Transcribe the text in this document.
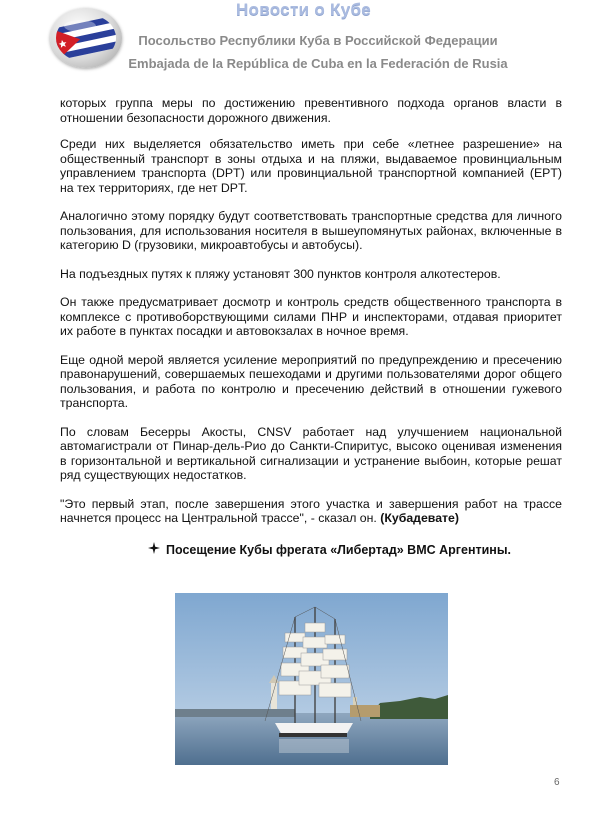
Новости о Кубе
Посольство Республики Куба в Российской Федерации
Embajada de la República de Cuba en la Federación de Rusia

которых группа меры по достижению превентивного подхода органов власти в отношении безопасности дорожного движения.

Среди них выделяется обязательство иметь при себе «летнее разрешение» на общественный транспорт в зоны отдыха и на пляжи, выдаваемое провинциальным управлением транспорта (DPT) или провинциальной транспортной компанией (EPT) на тех территориях, где нет DPT.

Аналогично этому порядку будут соответствовать транспортные средства для личного пользования, для использования носителя в вышеупомянутых районах, включенные в категорию D (грузовики, микроавтобусы и автобусы).

На подъездных путях к пляжу установят 300 пунктов контроля алкотестеров.

Он также предусматривает досмотр и контроль средств общественного транспорта в комплексе с противоборствующими силами ПНР и инспекторами, отдавая приоритет их работе в пунктах посадки и автовокзалах в ночное время.

Еще одной мерой является усиление мероприятий по предупреждению и пресечению правонарушений, совершаемых пешеходами и другими пользователями дорог общего пользования, и работа по контролю и пресечению действий в отношении гужевого транспорта.

По словам Бесерры Акосты, CNSV работает над улучшением национальной автомагистрали от Пинар-дель-Рио до Санкти-Спиритус, высоко оценивая изменения в горизонтальной и вертикальной сигнализации и устранение выбоин, которые решат ряд существующих недостатков.

"Это первый этап, после завершения этого участка и завершения работ на трассе начнется процесс на Центральной трассе", - сказал он. (Кубадевате)

Посещение Кубы фрегата «Либертад» ВМС Аргентины.
6
